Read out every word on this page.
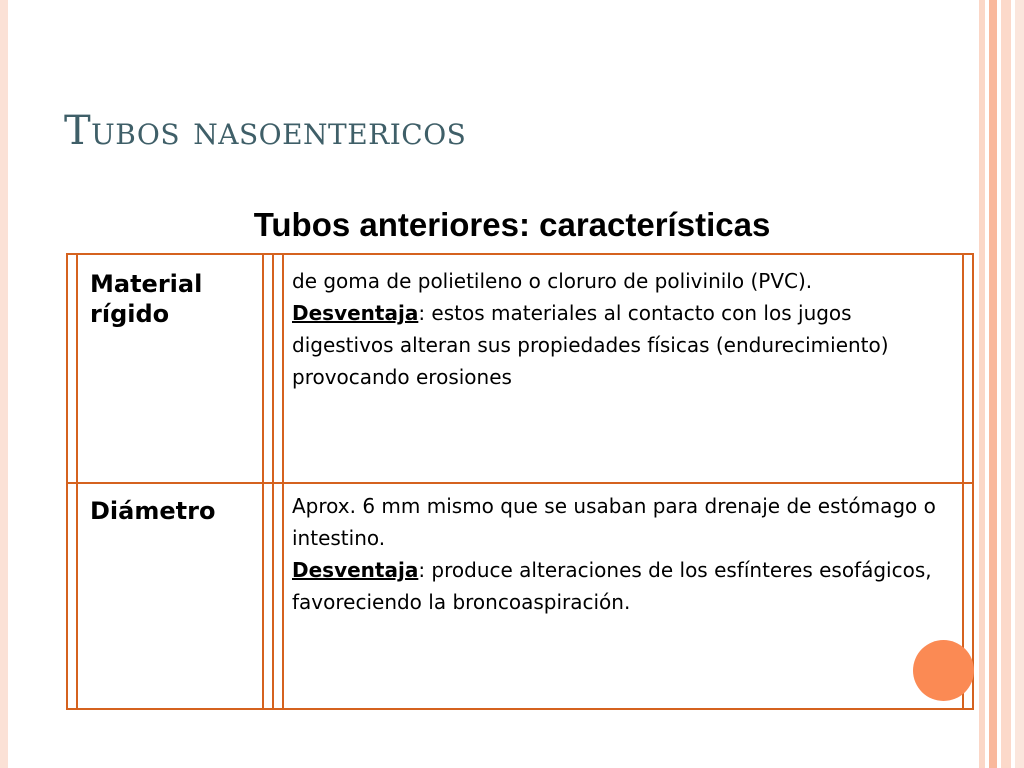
Tubos nasoentericos
Tubos anteriores: características
Material
rígido
de goma de polietileno o cloruro de polivinilo (PVC).
Desventaja: estos materiales al contacto con los jugos digestivos alteran sus propiedades físicas (endurecimiento) provocando erosiones
Diámetro	Aprox. 6 mm mismo que se usaban para drenaje de estómago o intestino.
Desventaja: produce alteraciones de los esfínteres esofágicos, favoreciendo la broncoaspiración.
